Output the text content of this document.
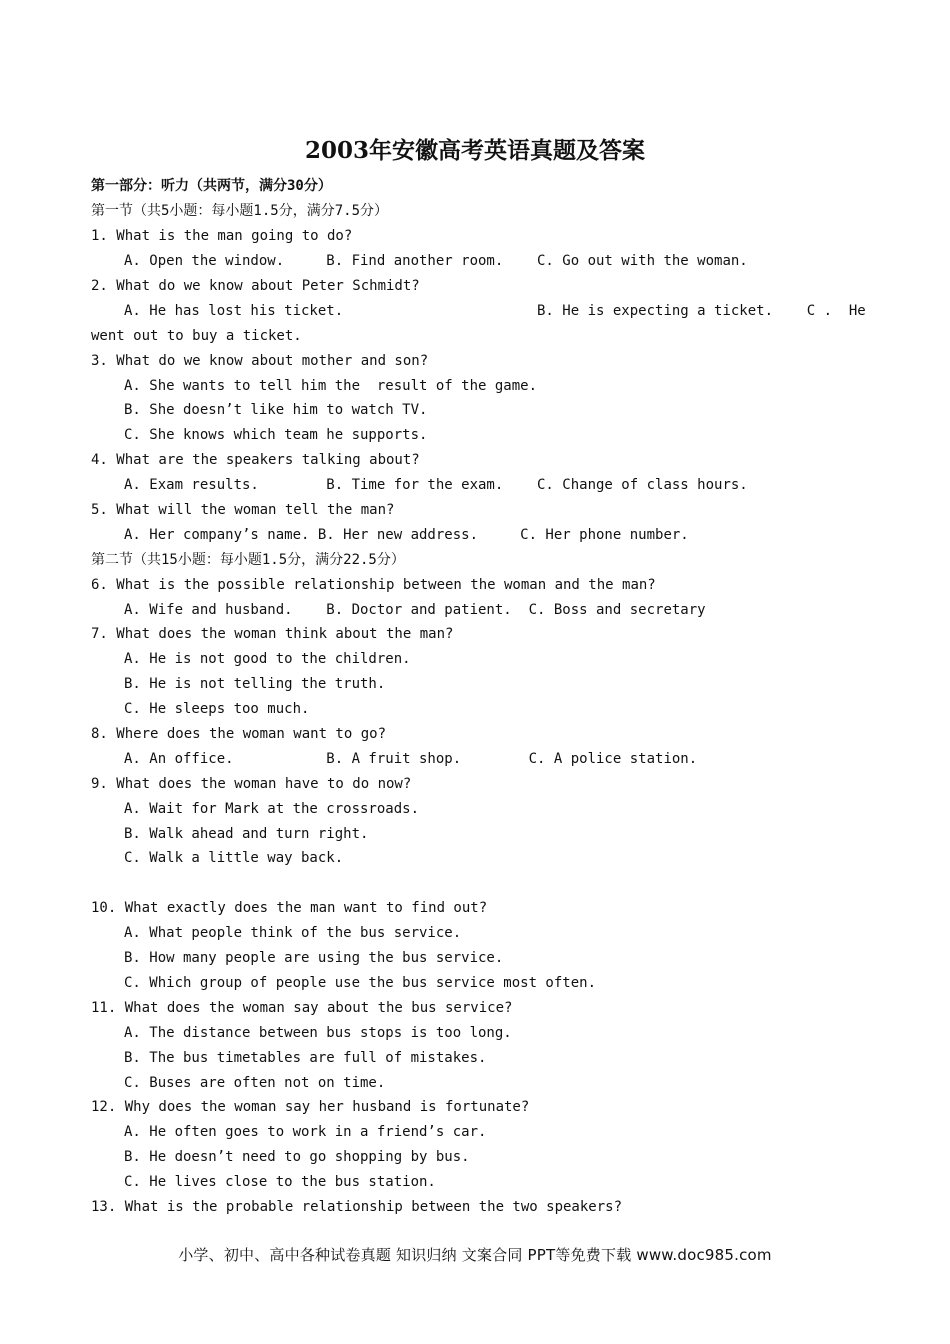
2003年安徽高考英语真题及答案
第一部分：听力（共两节，满分30分）
第一节（共5小题：每小题1.5分，满分7.5分）
1. What is the man going to do?
A. Open the window.     B. Find another room.    C. Go out with the woman.
2. What do we know about Peter Schmidt?
A. He has lost his ticket.                       B. He is expecting a ticket.    C .  He
went out to buy a ticket.
3. What do we know about mother and son?
A. She wants to tell him the  result of the game.
B. She doesn’t like him to watch TV.
C. She knows which team he supports.
4. What are the speakers talking about?
A. Exam results.        B. Time for the exam.    C. Change of class hours.
5. What will the woman tell the man?
A. Her company’s name. B. Her new address.     C. Her phone number.
第二节（共15小题：每小题1.5分，满分22.5分）
6. What is the possible relationship between the woman and the man?
A. Wife and husband.    B. Doctor and patient.  C. Boss and secretary
7. What does the woman think about the man?
A. He is not good to the children.
B. He is not telling the truth.
C. He sleeps too much.
8. Where does the woman want to go?
A. An office.           B. A fruit shop.        C. A police station.
9. What does the woman have to do now?
A. Wait for Mark at the crossroads.
B. Walk ahead and turn right.
C. Walk a little way back.
10. What exactly does the man want to find out?
A. What people think of the bus service.
B. How many people are using the bus service.
C. Which group of people use the bus service most often.
11. What does the woman say about the bus service?
A. The distance between bus stops is too long.
B. The bus timetables are full of mistakes.
C. Buses are often not on time.
12. Why does the woman say her husband is fortunate?
A. He often goes to work in a friend’s car.
B. He doesn’t need to go shopping by bus.
C. He lives close to the bus station.
13. What is the probable relationship between the two speakers?
小学、初中、高中各种试卷真题 知识归纳 文案合同 PPT等免费下载 www.doc985.com
